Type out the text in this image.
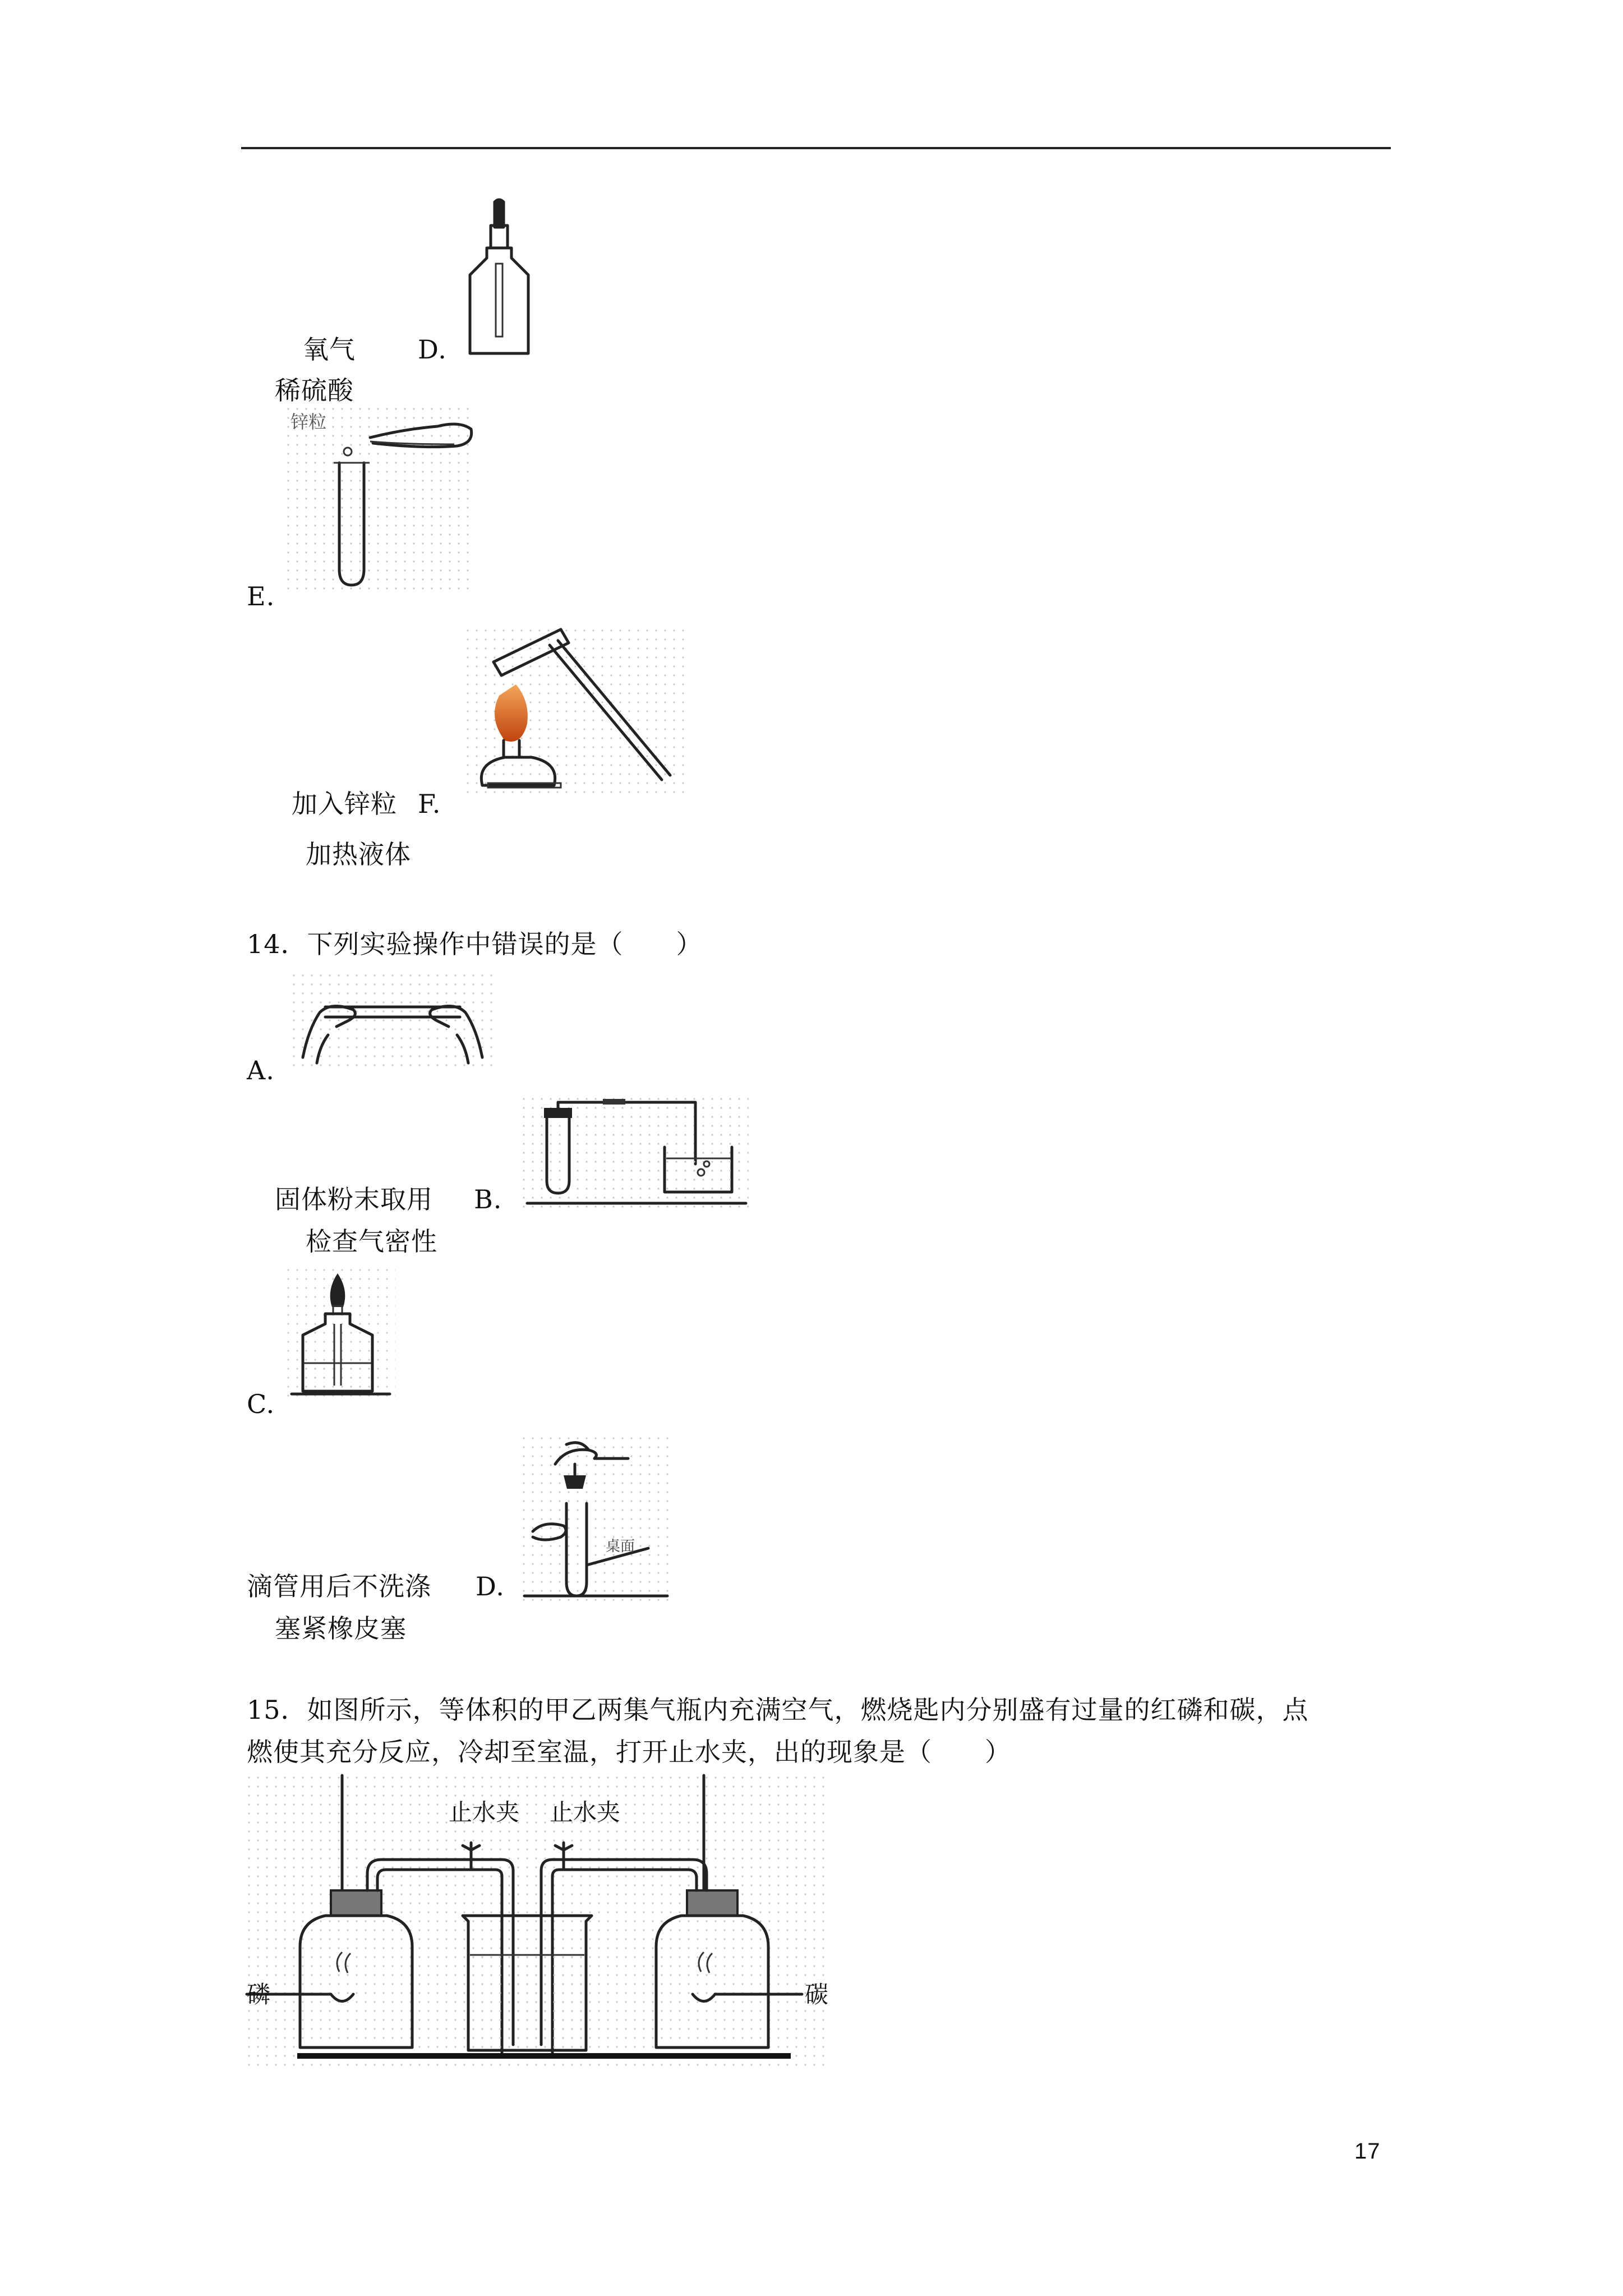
氧气 D.
稀硫酸
锌粒
E.
加入锌粒 F.
加热液体
14．下列实验操作中错误的是（　　）
A.
固体粉末取用 B.
检查气密性
C.
桌面
滴管用后不洗涤 D.
塞紧橡皮塞
15．如图所示，等体积的甲乙两集气瓶内充满空气，燃烧匙内分别盛有过量的红磷和碳，点
燃使其充分反应，冷却至室温，打开止水夹，出的现象是（　　）
止水夹 止水夹
磷	碳
17
